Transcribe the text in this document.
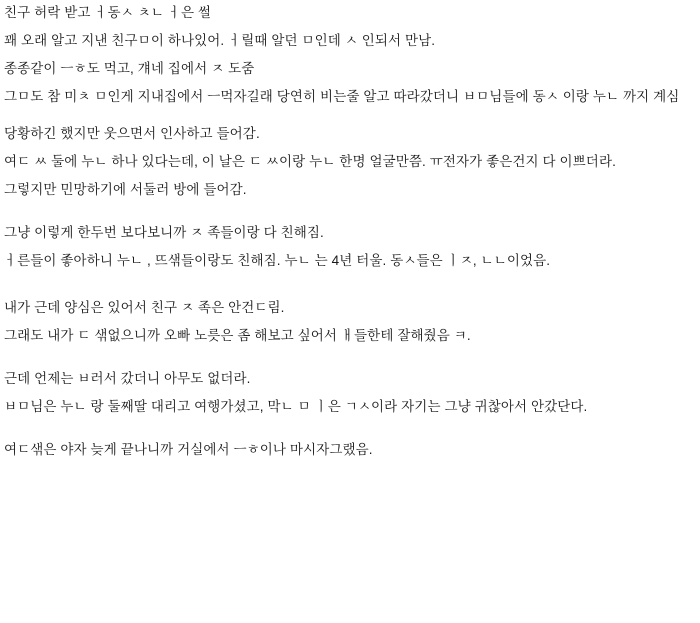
친구 허락 받고 ㅓ동ㅅ ㅊㄴ ㅓ은 썰
꽤 오래 알고 지낸 친구ㅁ이 하나있어. ㅓ릴때 알던 ㅁ인데 ㅅ 인되서 만남.
종종같이 ㅡㅎ도 먹고, 걔네 집에서 ㅈ 도줌
그ㅁ도 참 미ㅊ ㅁ인게 지내집에서 ㅡ먹자길래 당연히 비는줄 알고 따라갔더니 ㅂㅁ님들에 동ㅅ 이랑 누ㄴ 까지 계심
당황하긴 했지만 웃으면서 인사하고 들어감.
여ㄷ ㅆ 둘에 누ㄴ 하나 있다는데, 이 날은 ㄷ ㅆ이랑 누ㄴ 한명 얼굴만쯤. ㅠ전자가 좋은건지 다 이쁘더라.
그렇지만 민망하기에 서둘러 방에 들어감.
그냥 이렇게 한두번 보다보니까 ㅈ 족들이랑 다 친해짐.
ㅓ른들이 좋아하니 누ㄴ , 뜨샊들이랑도 친해짐. 누ㄴ 는 4년 터울. 동ㅅ들은 ㅣㅈ, ㄴㄴ이었음.
내가 근데 양심은 있어서 친구 ㅈ 족은 안건ㄷ림.
그래도 내가 ㄷ 샊없으니까 오빠 노릇은 좀 해보고 싶어서 ㅐ들한테 잘해줬음 ㅋ.
근데 언제는 ㅂ러서 갔더니 아무도 없더라.
ㅂㅁ님은 누ㄴ 랑 둘째딸 대리고 여행가셨고, 막ㄴ ㅁ ㅣ은 ㄱㅅ이라 자기는 그냥 귀찮아서 안갔단다.
여ㄷ샊은 야자 늦게 끝나니까 거실에서 ㅡㅎ이나 마시자그랬음.
